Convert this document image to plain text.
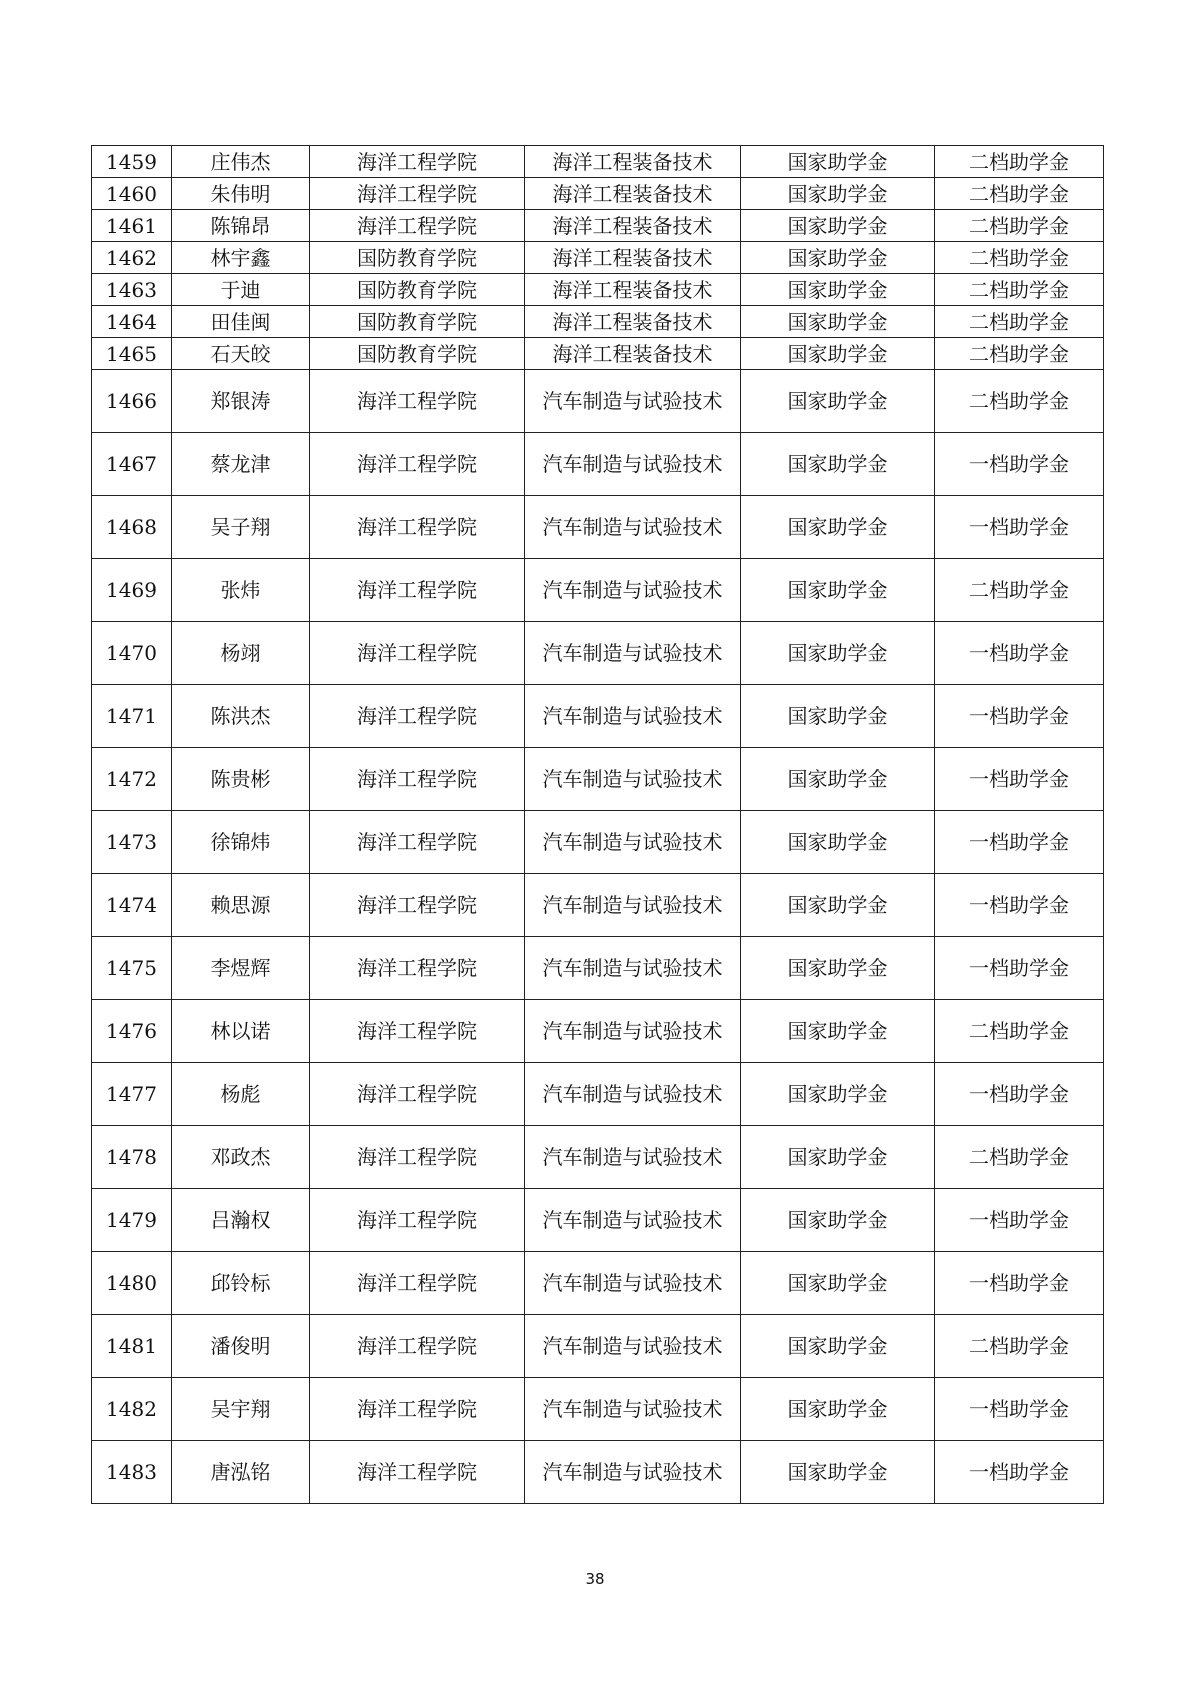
1459	庄伟杰	海洋工程学院	海洋工程装备技术	国家助学金	二档助学金
1460	朱伟明	海洋工程学院	海洋工程装备技术	国家助学金	二档助学金
1461	陈锦昂	海洋工程学院	海洋工程装备技术	国家助学金	二档助学金
1462	林宇鑫	国防教育学院	海洋工程装备技术	国家助学金	二档助学金
1463	于迪	国防教育学院	海洋工程装备技术	国家助学金	二档助学金
1464	田佳闽	国防教育学院	海洋工程装备技术	国家助学金	二档助学金
1465	石天皎	国防教育学院	海洋工程装备技术	国家助学金	二档助学金
1466	郑银涛	海洋工程学院	汽车制造与试验技术	国家助学金	二档助学金
1467	蔡龙津	海洋工程学院	汽车制造与试验技术	国家助学金	一档助学金
1468	吴子翔	海洋工程学院	汽车制造与试验技术	国家助学金	一档助学金
1469	张炜	海洋工程学院	汽车制造与试验技术	国家助学金	二档助学金
1470	杨翊	海洋工程学院	汽车制造与试验技术	国家助学金	一档助学金
1471	陈洪杰	海洋工程学院	汽车制造与试验技术	国家助学金	一档助学金
1472	陈贵彬	海洋工程学院	汽车制造与试验技术	国家助学金	一档助学金
1473	徐锦炜	海洋工程学院	汽车制造与试验技术	国家助学金	一档助学金
1474	赖思源	海洋工程学院	汽车制造与试验技术	国家助学金	一档助学金
1475	李煜辉	海洋工程学院	汽车制造与试验技术	国家助学金	一档助学金
1476	林以诺	海洋工程学院	汽车制造与试验技术	国家助学金	二档助学金
1477	杨彪	海洋工程学院	汽车制造与试验技术	国家助学金	一档助学金
1478	邓政杰	海洋工程学院	汽车制造与试验技术	国家助学金	二档助学金
1479	吕瀚权	海洋工程学院	汽车制造与试验技术	国家助学金	一档助学金
1480	邱铃标	海洋工程学院	汽车制造与试验技术	国家助学金	一档助学金
1481	潘俊明	海洋工程学院	汽车制造与试验技术	国家助学金	二档助学金
1482	吴宇翔	海洋工程学院	汽车制造与试验技术	国家助学金	一档助学金
1483	唐泓铭	海洋工程学院	汽车制造与试验技术	国家助学金	一档助学金
38
